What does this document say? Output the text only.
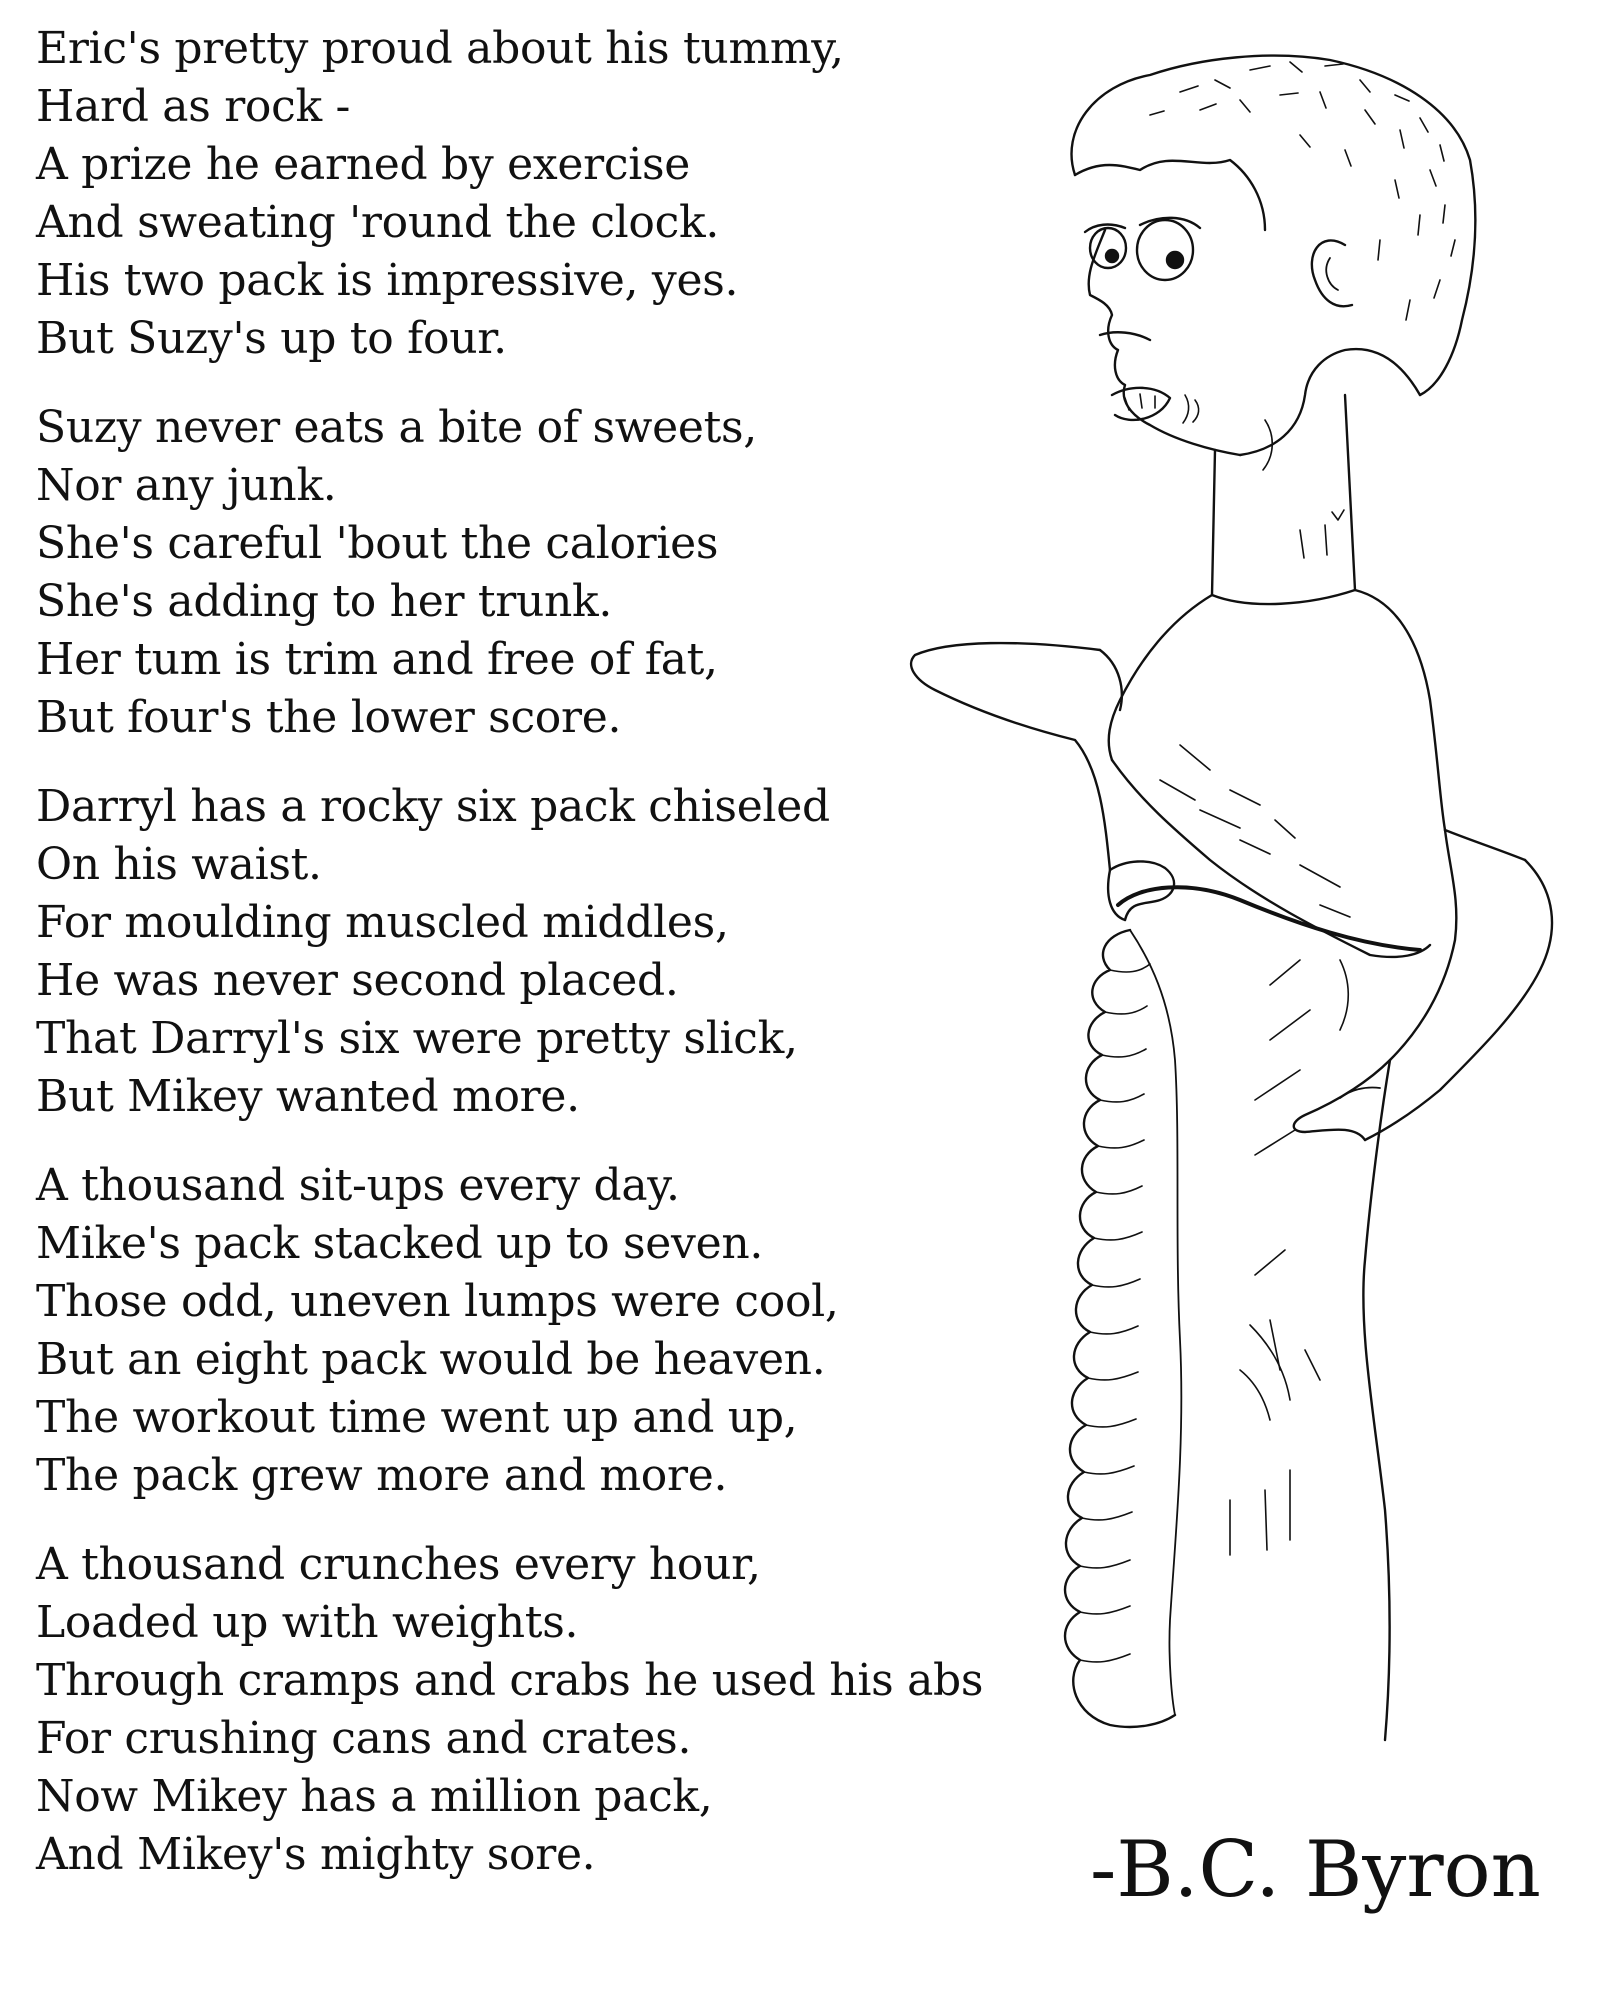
Eric's pretty proud about his tummy,
Hard as rock -
A prize he earned by exercise
And sweating 'round the clock.
His two pack is impressive, yes.
But Suzy's up to four.
Suzy never eats a bite of sweets,
Nor any junk.
She's careful 'bout the calories
She's adding to her trunk.
Her tum is trim and free of fat,
But four's the lower score.
Darryl has a rocky six pack chiseled
On his waist.
For moulding muscled middles,
He was never second placed.
That Darryl's six were pretty slick,
But Mikey wanted more.
A thousand sit-ups every day.
Mike's pack stacked up to seven.
Those odd, uneven lumps were cool,
But an eight pack would be heaven.
The workout time went up and up,
The pack grew more and more.
A thousand crunches every hour,
Loaded up with weights.
Through cramps and crabs he used his abs
For crushing cans and crates.
Now Mikey has a million pack,
And Mikey's mighty sore.	-B.C. Byron
